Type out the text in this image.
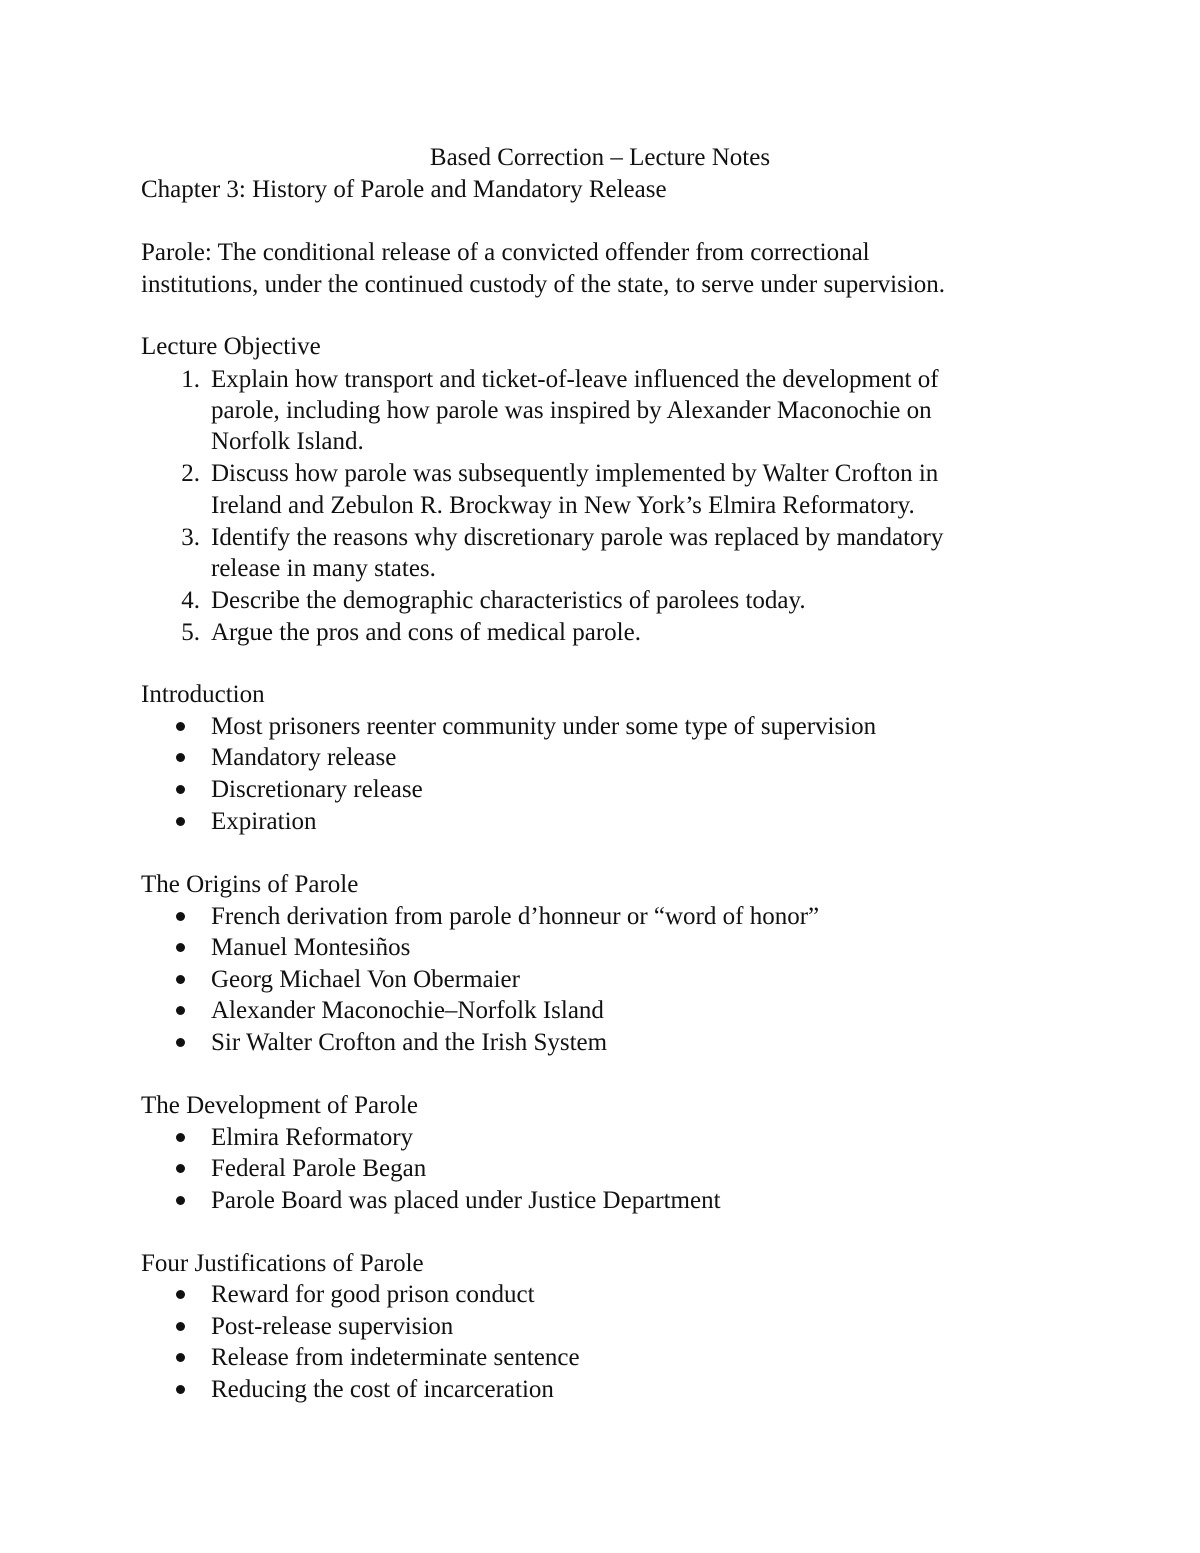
Based Correction – Lecture Notes
Chapter 3: History of Parole and Mandatory Release
Parole: The conditional release of a convicted offender from correctional
institutions, under the continued custody of the state, to serve under supervision.
Lecture Objective
1. Explain how transport and ticket-of-leave influenced the development of
parole, including how parole was inspired by Alexander Maconochie on
Norfolk Island.
2. Discuss how parole was subsequently implemented by Walter Crofton in
Ireland and Zebulon R. Brockway in New York’s Elmira Reformatory.
3. Identify the reasons why discretionary parole was replaced by mandatory
release in many states.
4. Describe the demographic characteristics of parolees today.
5. Argue the pros and cons of medical parole.
Introduction
Most prisoners reenter community under some type of supervision
Mandatory release
Discretionary release
Expiration
The Origins of Parole
French derivation from parole d’honneur or “word of honor”
Manuel Montesiños
Georg Michael Von Obermaier
Alexander Maconochie–Norfolk Island
Sir Walter Crofton and the Irish System
The Development of Parole
Elmira Reformatory
Federal Parole Began
Parole Board was placed under Justice Department
Four Justifications of Parole
Reward for good prison conduct
Post-release supervision
Release from indeterminate sentence
Reducing the cost of incarceration
